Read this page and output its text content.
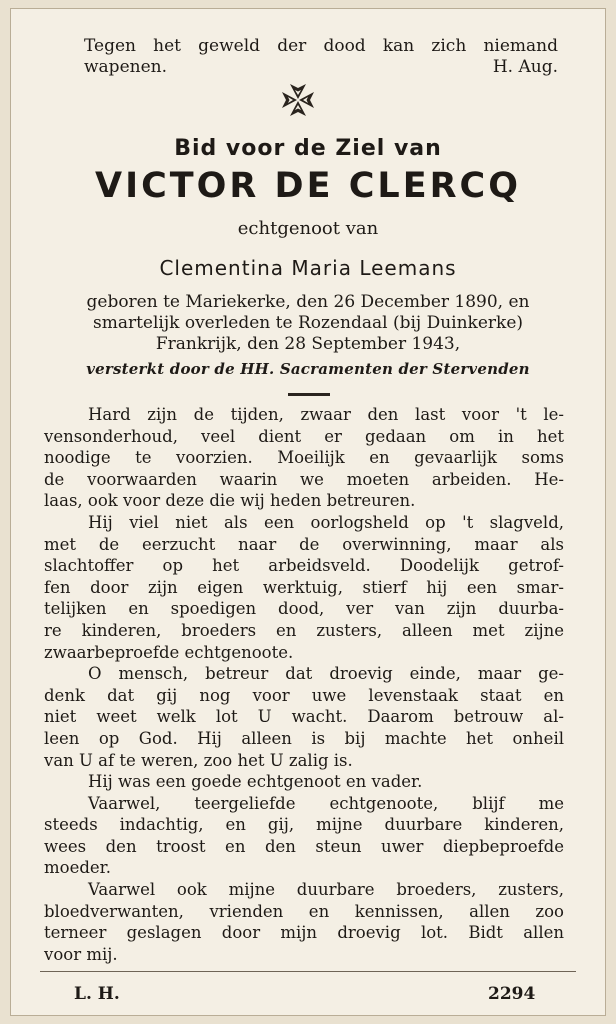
Tegen het geweld der dood kan zich niemand
wapenen.	H. Aug.
Bid voor de Ziel van
VICTOR DE CLERCQ
echtgenoot van
Clementina Maria Leemans
geboren te Mariekerke, den 26 December 1890, en
smartelijk overleden te Rozendaal (bij Duinkerke)
Frankrijk, den 28 September 1943,
versterkt door de HH. Sacramenten der Stervenden
Hard zijn de tijden, zwaar den last voor 't le-
vensonderhoud, veel dient er gedaan om in het
noodige te voorzien. Moeilijk en gevaarlijk soms
de voorwaarden waarin we moeten arbeiden. He-
laas, ook voor deze die wij heden betreuren.
Hij viel niet als een oorlogsheld op 't slagveld,
met de eerzucht naar de overwinning, maar als
slachtoffer op het arbeidsveld. Doodelijk getrof-
fen door zijn eigen werktuig, stierf hij een smar-
telijken en spoedigen dood, ver van zijn duurba-
re kinderen, broeders en zusters, alleen met zijne
zwaarbeproefde echtgenoote.
O mensch, betreur dat droevig einde, maar ge-
denk dat gij nog voor uwe levenstaak staat en
niet weet welk lot U wacht. Daarom betrouw al-
leen op God. Hij alleen is bij machte het onheil
van U af te weren, zoo het U zalig is.
Hij was een goede echtgenoot en vader.
Vaarwel, teergeliefde echtgenoote, blijf me
steeds indachtig, en gij, mijne duurbare kinderen,
wees den troost en den steun uwer diepbeproefde
moeder.
Vaarwel ook mijne duurbare broeders, zusters,
bloedverwanten, vrienden en kennissen, allen zoo
terneer geslagen door mijn droevig lot. Bidt allen
voor mij.
L. H.	2294
